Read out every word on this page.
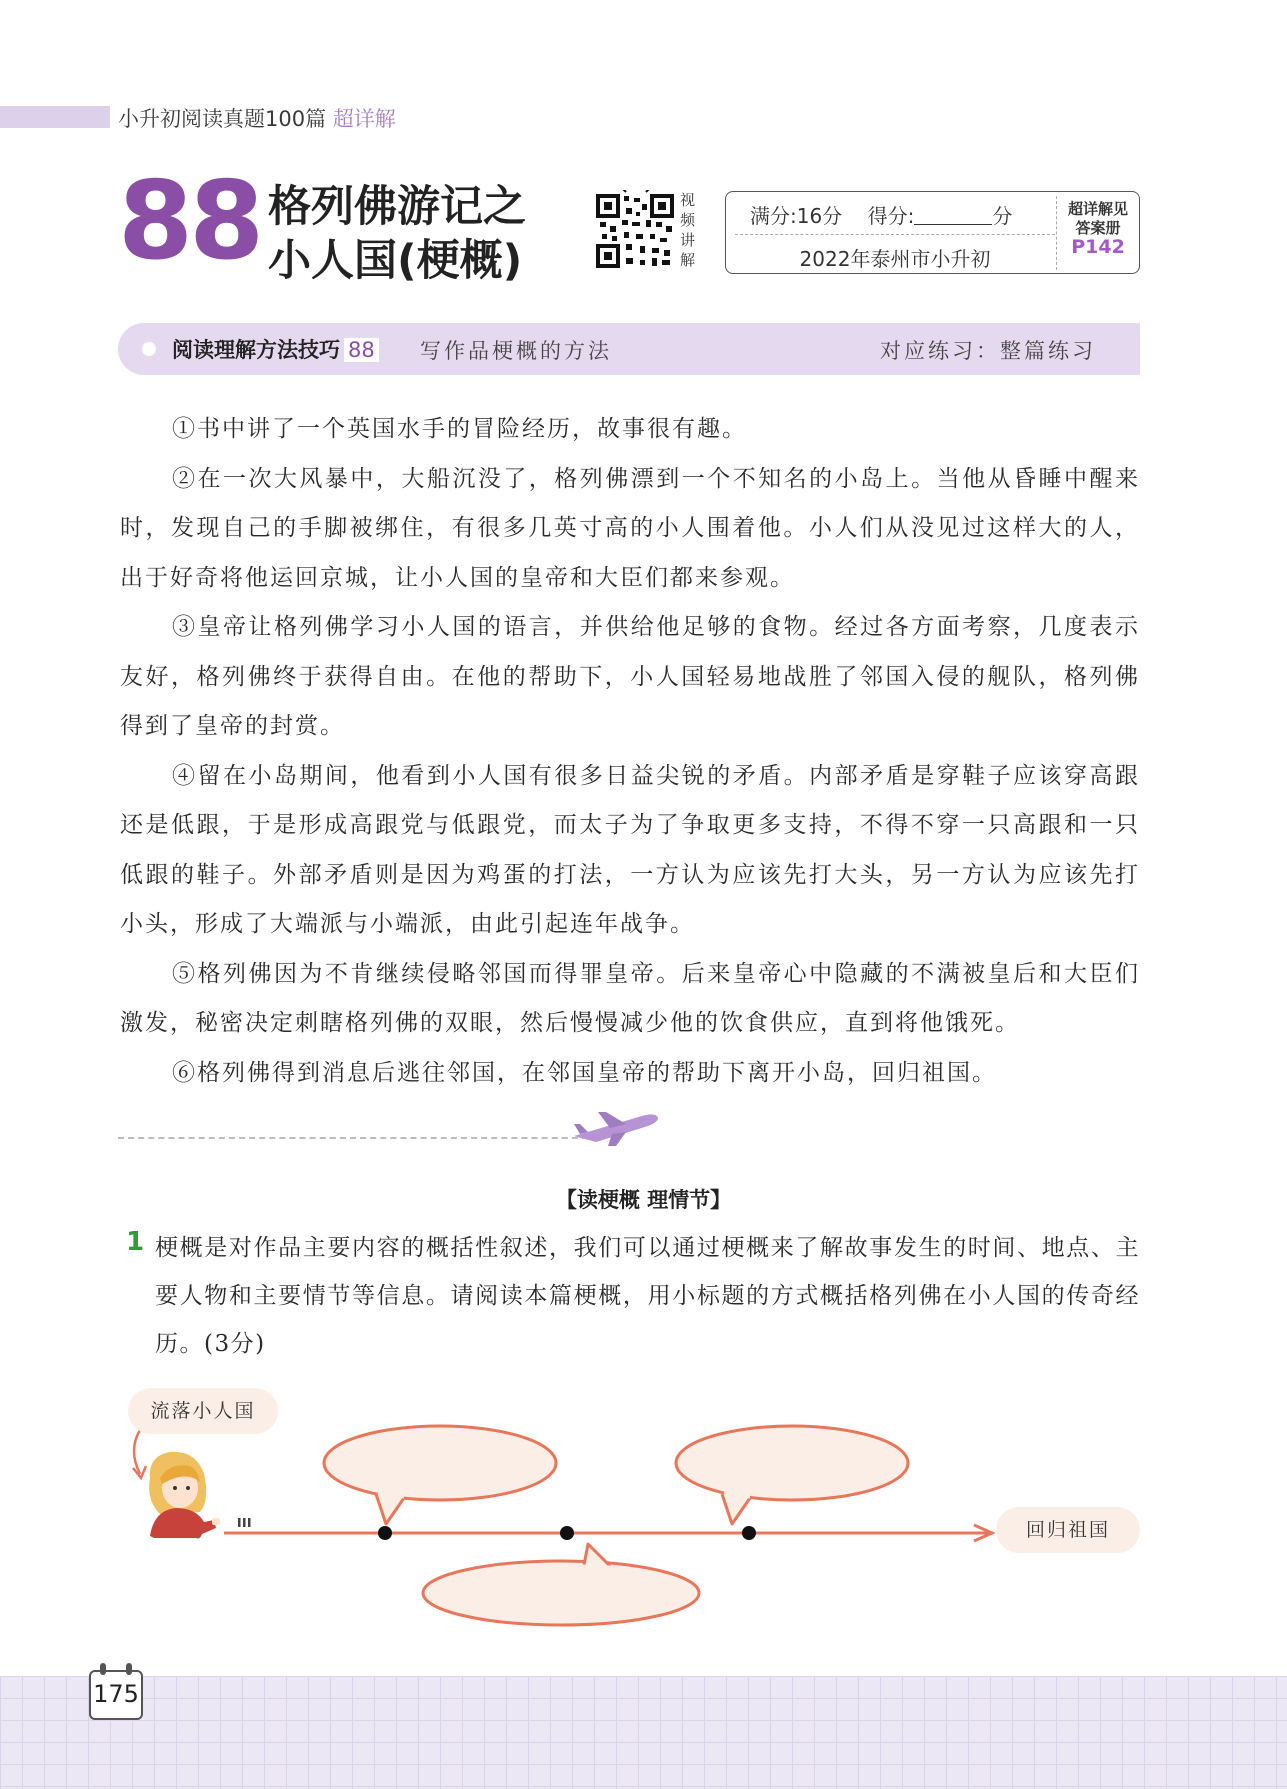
小升初阅读真题100篇 超详解
88 格列佛游记之
小人国(梗概)
视
频
讲
解
满分:16分 得分:	分
2022年泰州市小升初
超详解见
答案册
P142
阅读理解方法技巧 88 写作品梗概的方法	对应练习：整篇练习

①书中讲了一个英国水手的冒险经历，故事很有趣。

②在一次大风暴中，大船沉没了，格列佛漂到一个不知名的小岛上。当他从昏睡中醒来时，发现自己的手脚被绑住，有很多几英寸高的小人围着他。小人们从没见过这样大的人，出于好奇将他运回京城，让小人国的皇帝和大臣们都来参观。

③皇帝让格列佛学习小人国的语言，并供给他足够的食物。经过各方面考察，几度表示友好，格列佛终于获得自由。在他的帮助下，小人国轻易地战胜了邻国入侵的舰队，格列佛得到了皇帝的封赏。

④留在小岛期间，他看到小人国有很多日益尖锐的矛盾。内部矛盾是穿鞋子应该穿高跟还是低跟，于是形成高跟党与低跟党，而太子为了争取更多支持，不得不穿一只高跟和一只低跟的鞋子。外部矛盾则是因为鸡蛋的打法，一方认为应该先打大头，另一方认为应该先打小头，形成了大端派与小端派，由此引起连年战争。

⑤格列佛因为不肯继续侵略邻国而得罪皇帝。后来皇帝心中隐藏的不满被皇后和大臣们激发，秘密决定刺瞎格列佛的双眼，然后慢慢减少他的饮食供应，直到将他饿死。

⑥格列佛得到消息后逃往邻国，在邻国皇帝的帮助下离开小岛，回归祖国。

【读梗概 理情节】
1 梗概是对作品主要内容的概括性叙述，我们可以通过梗概来了解故事发生的时间、地点、主要人物和主要情节等信息。请阅读本篇梗概，用小标题的方式概括格列佛在小人国的传奇经历。(3分)
流落小人国
回归祖国
175
